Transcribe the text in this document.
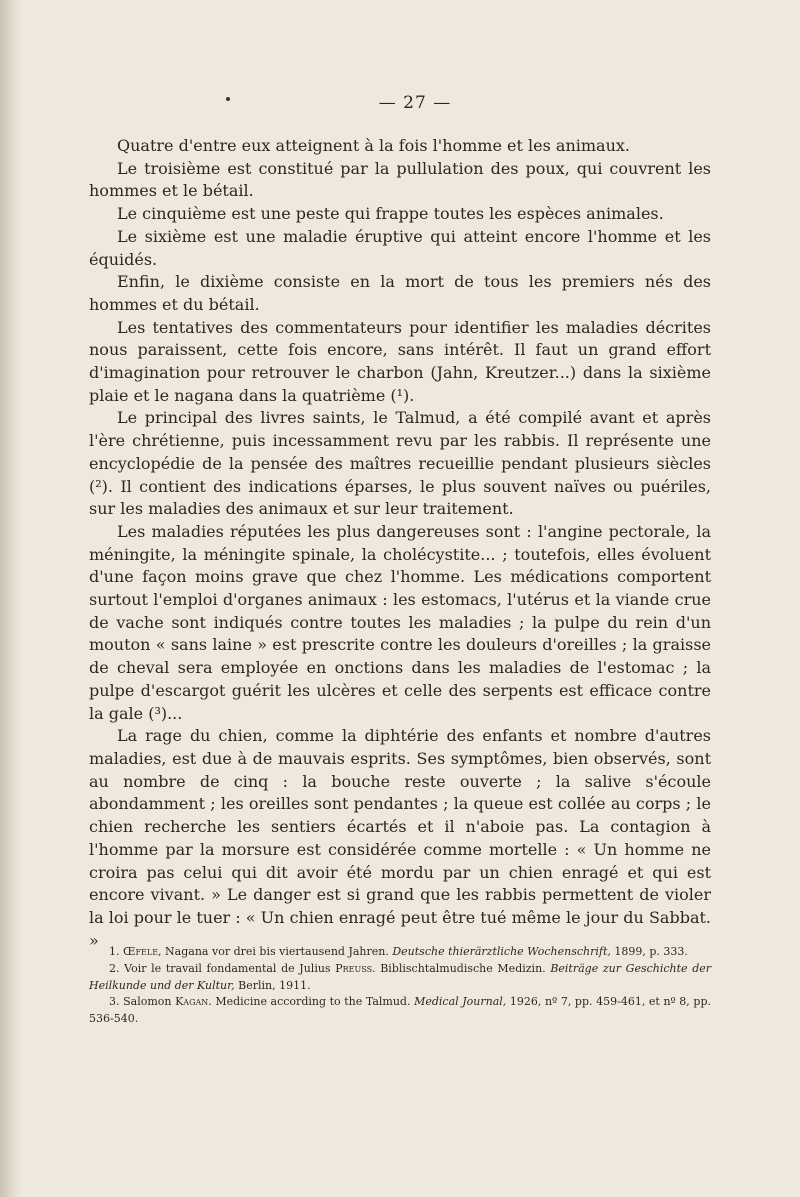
— 27 —

Quatre d'entre eux atteignent à la fois l'homme et les animaux.

Le troisième est constitué par la pullulation des poux, qui couvrent les hommes et le bétail.

Le cinquième est une peste qui frappe toutes les espèces animales.

Le sixième est une maladie éruptive qui atteint encore l'homme et les équidés.

Enfin, le dixième consiste en la mort de tous les premiers nés des hommes et du bétail.

Les tentatives des commentateurs pour identifier les maladies décrites nous paraissent, cette fois encore, sans intérêt. Il faut un grand effort d'imagination pour retrouver le charbon (Jahn, Kreutzer...) dans la sixième plaie et le nagana dans la quatrième (¹).

Le principal des livres saints, le Talmud, a été compilé avant et après l'ère chrétienne, puis incessamment revu par les rabbis. Il représente une encyclopédie de la pensée des maîtres recueillie pendant plusieurs siècles (²). Il contient des indications éparses, le plus souvent naïves ou puériles, sur les maladies des animaux et sur leur traitement.

Les maladies réputées les plus dangereuses sont : l'angine pectorale, la méningite, la méningite spinale, la cholécystite... ; toutefois, elles évoluent d'une façon moins grave que chez l'homme. Les médications comportent surtout l'emploi d'organes animaux : les estomacs, l'utérus et la viande crue de vache sont indiqués contre toutes les maladies ; la pulpe du rein d'un mouton « sans laine » est prescrite contre les douleurs d'oreilles ; la graisse de cheval sera employée en onctions dans les maladies de l'estomac ; la pulpe d'escargot guérit les ulcères et celle des serpents est efficace contre la gale (³)...

La rage du chien, comme la diphtérie des enfants et nombre d'autres maladies, est due à de mauvais esprits. Ses symptômes, bien observés, sont au nombre de cinq : la bouche reste ouverte ; la salive s'écoule abondamment ; les oreilles sont pendantes ; la queue est collée au corps ; le chien recherche les sentiers écartés et il n'aboie pas. La contagion à l'homme par la morsure est considérée comme mortelle : « Un homme ne croira pas celui qui dit avoir été mordu par un chien enragé et qui est encore vivant. » Le danger est si grand que les rabbis permettent de violer la loi pour le tuer : « Un chien enragé peut être tué même le jour du Sabbat. »

1. Œfele, Nagana vor drei bis viertausend Jahren. Deutsche thierärztliche Wochenschrift, 1899, p. 333.

2. Voir le travail fondamental de Julius Preuss. Biblischtalmudische Medizin. Beiträge zur Geschichte der Heilkunde und der Kultur, Berlin, 1911.

3. Salomon Kagan. Medicine according to the Talmud. Medical Journal, 1926, nº 7, pp. 459-461, et nº 8, pp. 536-540.
